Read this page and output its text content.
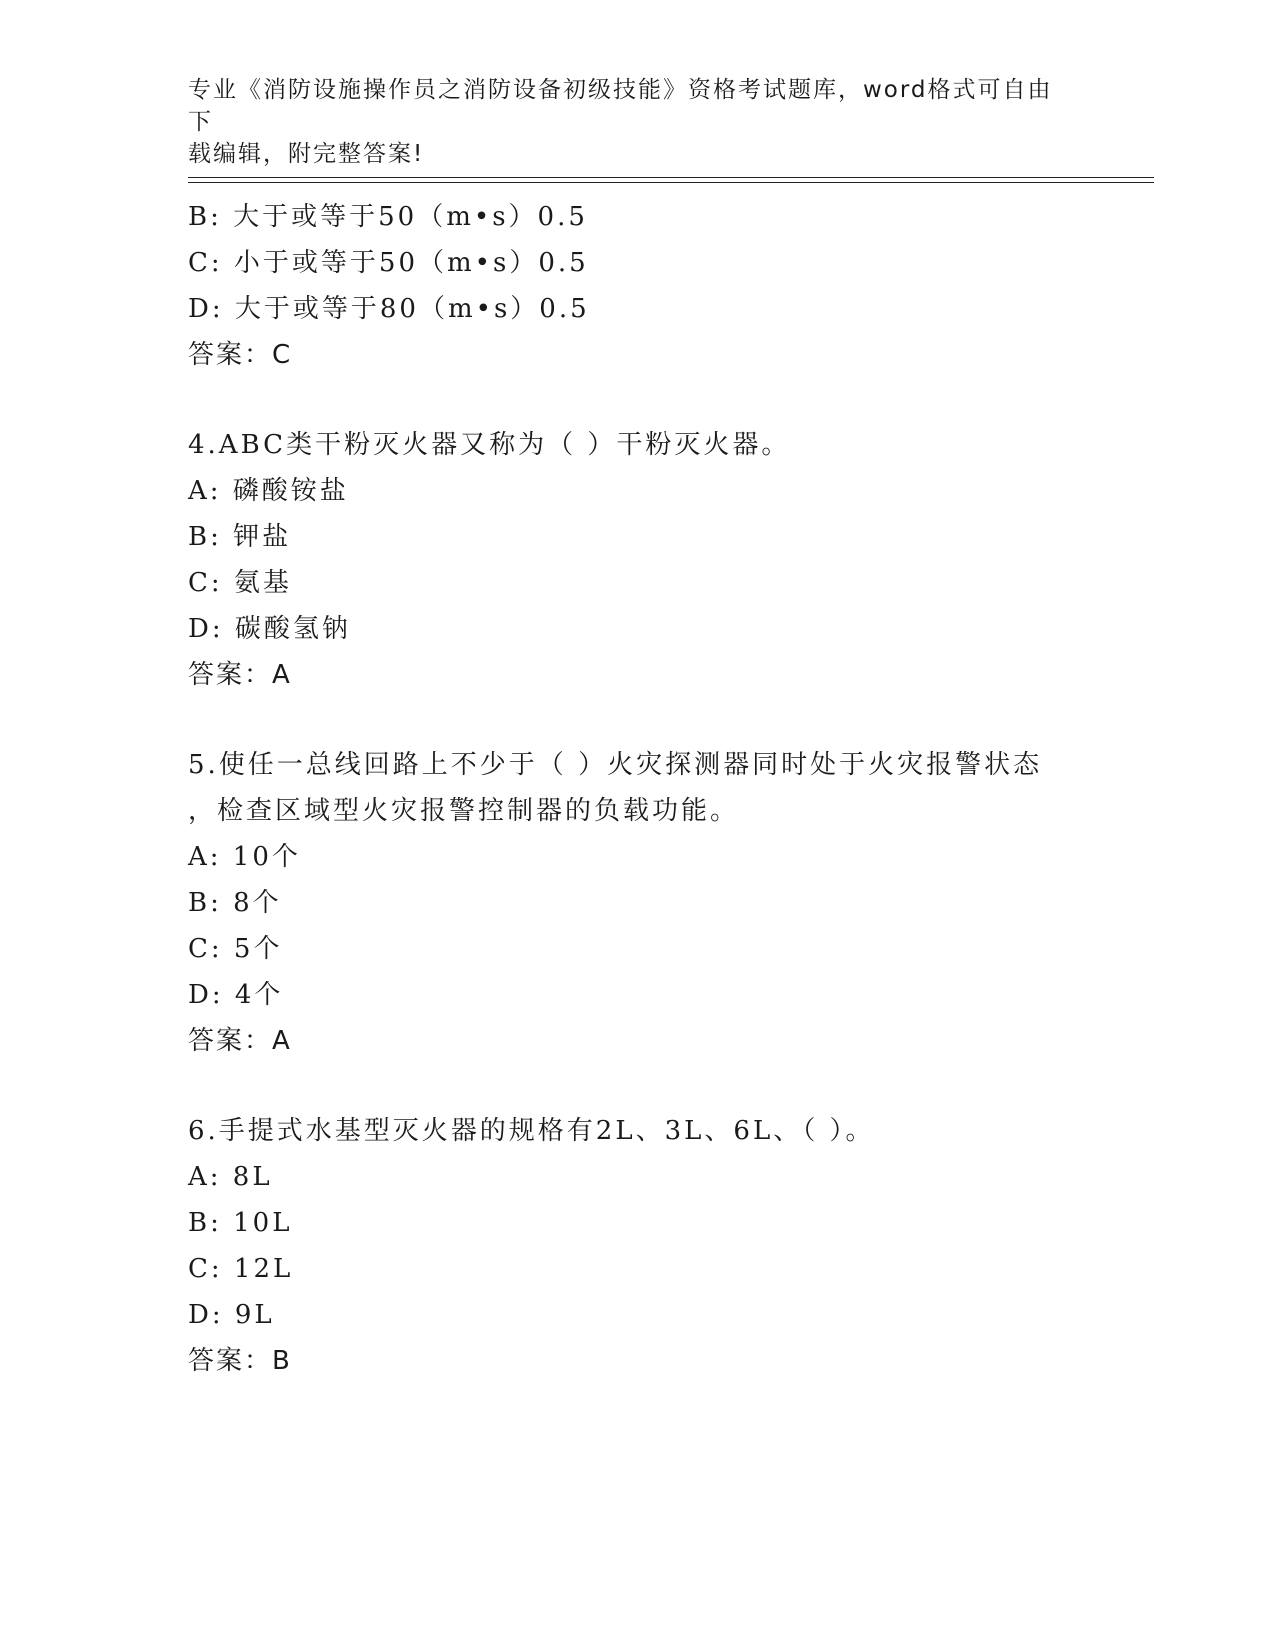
专业《消防设施操作员之消防设备初级技能》资格考试题库，word格式可自由下
载编辑，附完整答案!
B: 大于或等于50（m•s）0.5
C: 小于或等于50（m•s）0.5
D: 大于或等于80（m•s）0.5
答案：C
4.ABC类干粉灭火器又称为（ ）干粉灭火器。
A: 磷酸铵盐
B: 钾盐
C: 氨基
D: 碳酸氢钠
答案：A
5.使任一总线回路上不少于（ ）火灾探测器同时处于火灾报警状态
，检查区域型火灾报警控制器的负载功能。
A: 10个
B: 8个
C: 5个
D: 4个
答案：A
6.手提式水基型灭火器的规格有2L、3L、6L、（ ）。
A: 8L
B: 10L
C: 12L
D: 9L
答案：B
